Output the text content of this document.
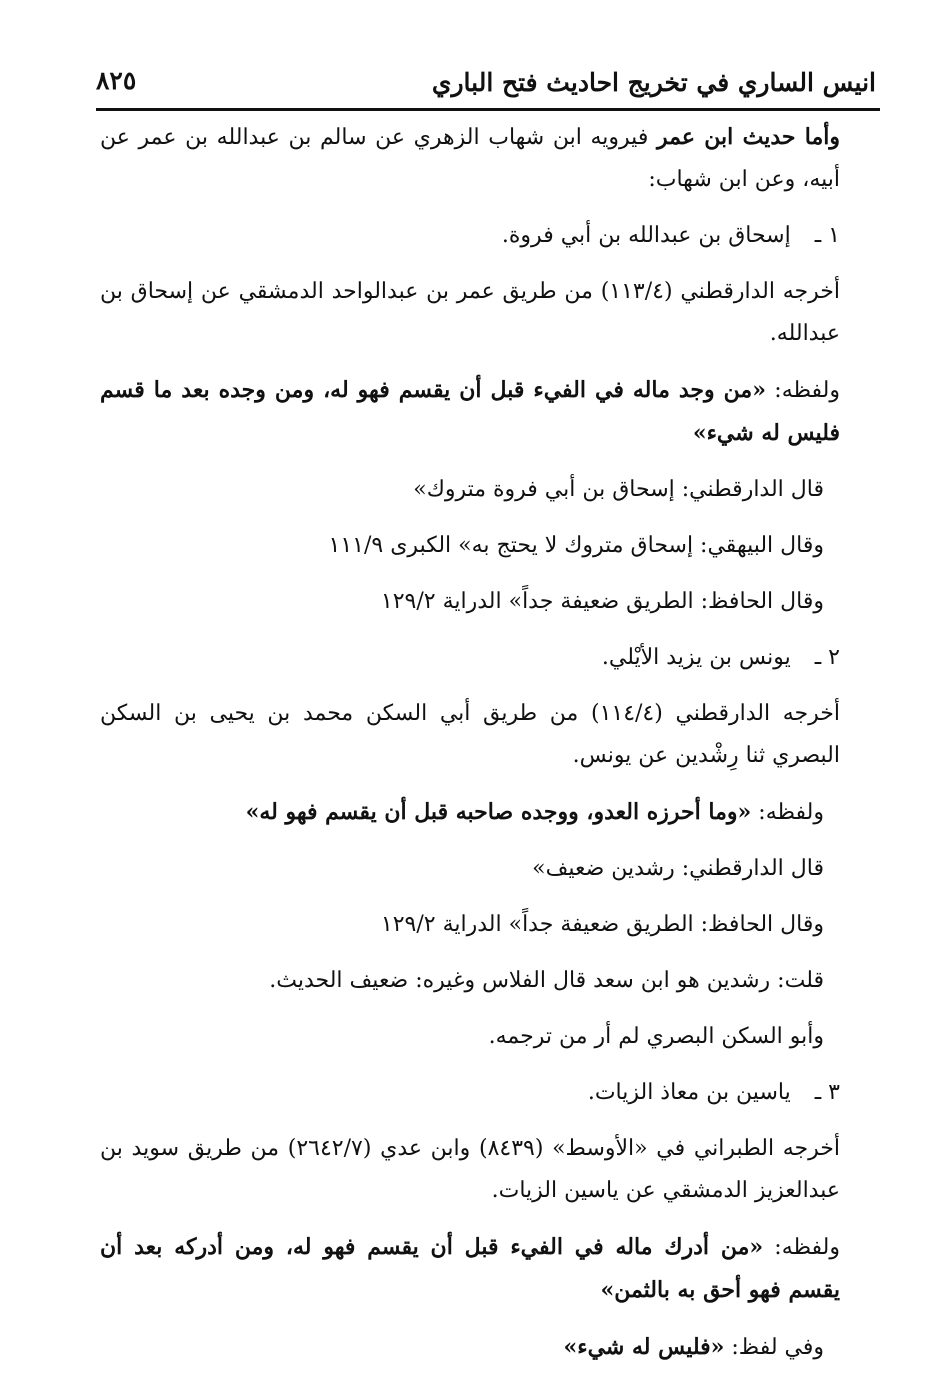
انيس الساري في تخريج احاديث فتح الباري
٨٢٥

وأما حديث ابن عمر فيرويه ابن شهاب الزهري عن سالم بن عبدالله بن عمر عن أبيه، وعن ابن شهاب:

١ ـإسحاق بن عبدالله بن أبي فروة.

أخرجه الدارقطني (١١٣/٤) من طريق عمر بن عبدالواحد الدمشقي عن إسحاق بن عبدالله.

ولفظه: «من وجد ماله في الفيء قبل أن يقسم فهو له، ومن وجده بعد ما قسم فليس له شيء»

قال الدارقطني: إسحاق بن أبي فروة متروك»

وقال البيهقي: إسحاق متروك لا يحتج به» الكبرى ١١١/٩

وقال الحافظ: الطريق ضعيفة جداً» الدراية ١٢٩/٢

٢ ـيونس بن يزيد الأيْلي.

أخرجه الدارقطني (١١٤/٤) من طريق أبي السكن محمد بن يحيى بن السكن البصري ثنا رِشْدين عن يونس.

ولفظه: «وما أحرزه العدو، ووجده صاحبه قبل أن يقسم فهو له»

قال الدارقطني: رشدين ضعيف»

وقال الحافظ: الطريق ضعيفة جداً» الدراية ١٢٩/٢

قلت: رشدين هو ابن سعد قال الفلاس وغيره: ضعيف الحديث.

وأبو السكن البصري لم أر من ترجمه.

٣ ـياسين بن معاذ الزيات.

أخرجه الطبراني في «الأوسط» (٨٤٣٩) وابن عدي (٢٦٤٢/٧) من طريق سويد بن عبدالعزيز الدمشقي عن ياسين الزيات.

ولفظه: «من أدرك ماله في الفيء قبل أن يقسم فهو له، ومن أدركه بعد أن يقسم فهو أحق به بالثمن»

وفي لفظ: «فليس له شيء»
